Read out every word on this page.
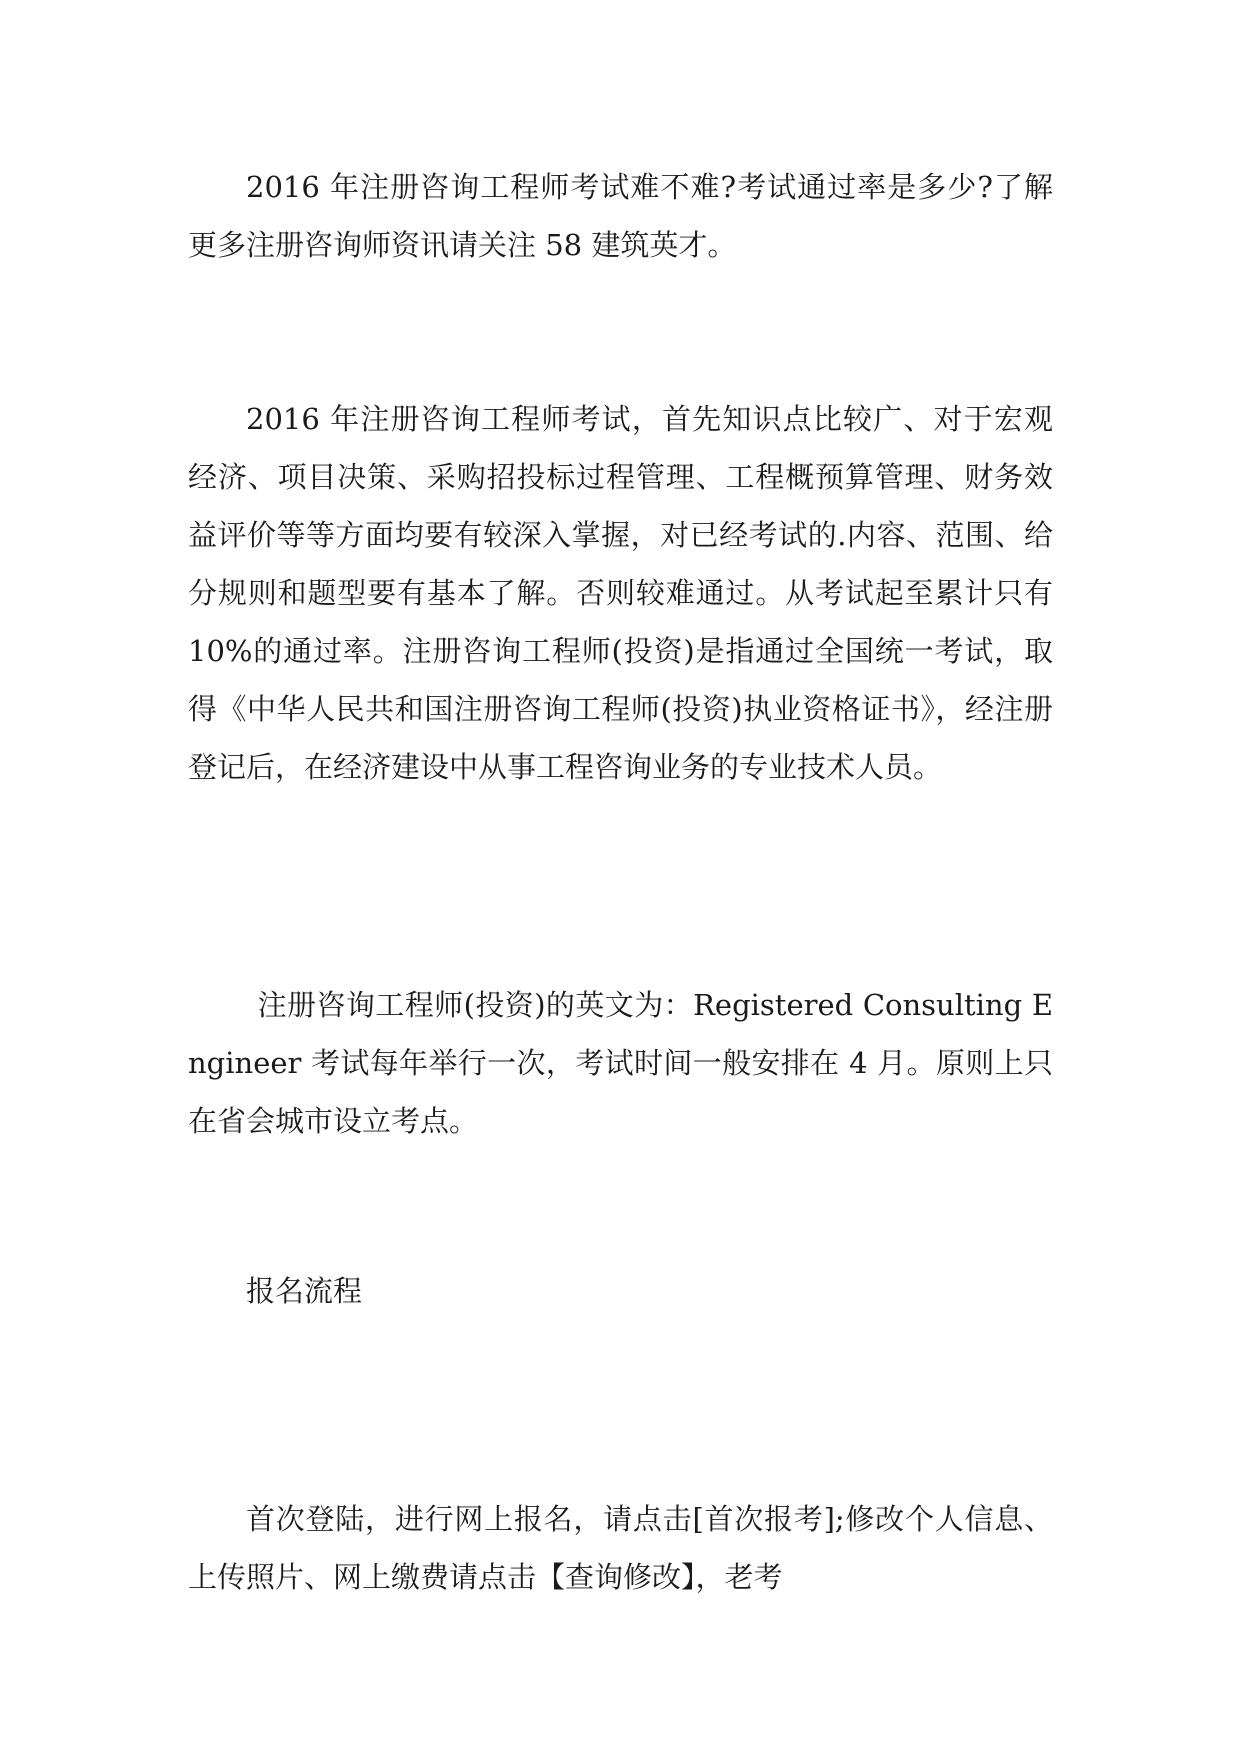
2016 年注册咨询工程师考试难不难?考试通过率是多少?了解更多注册咨询师资讯请关注 58 建筑英才。

2016 年注册咨询工程师考试，首先知识点比较广、对于宏观经济、项目决策、采购招投标过程管理、工程概预算管理、财务效益评价等等方面均要有较深入掌握，对已经考试的.内容、范围、给分规则和题型要有基本了解。否则较难通过。从考试起至累计只有 10%的通过率。注册咨询工程师(投资)是指通过全国统一考试，取得《中华人民共和国注册咨询工程师(投资)执业资格证书》，经注册登记后，在经济建设中从事工程咨询业务的专业技术人员。

注册咨询工程师(投资)的英文为：Registered Consulting Engineer 考试每年举行一次，考试时间一般安排在 4 月。原则上只在省会城市设立考点。

报名流程

首次登陆，进行网上报名，请点击[首次报考];修改个人信息、上传照片、网上缴费请点击【查询修改】，老考
